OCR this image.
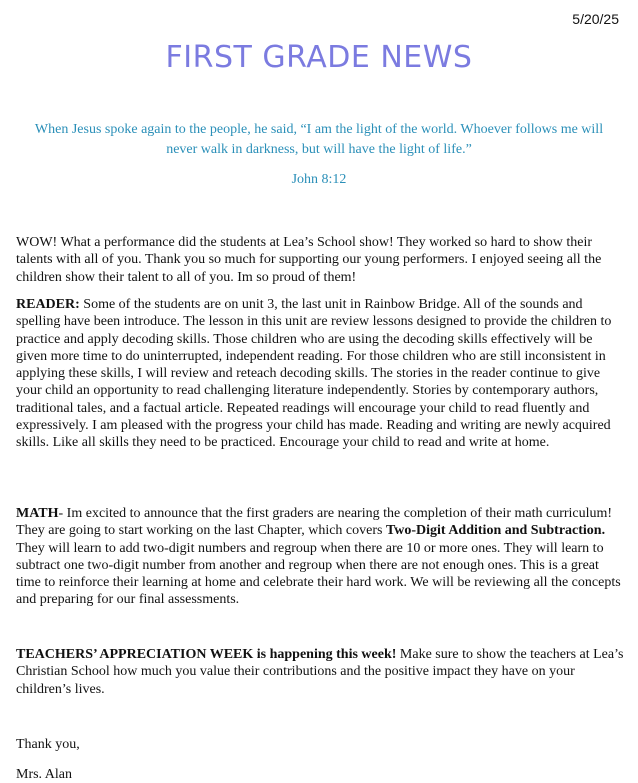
5/20/25
FIRST GRADE NEWS
When Jesus spoke again to the people, he said, “I am the light of the world. Whoever follows me will never walk in darkness, but will have the light of life.”
John 8:12

WOW! What a performance did the students at Lea’s School show! They worked so hard to show their talents with all of you. Thank you so much for supporting our young performers. I enjoyed seeing all the children show their talent to all of you. Im so proud of them!

READER: Some of the students are on unit 3, the last unit in Rainbow Bridge. All of the sounds and spelling have been introduce. The lesson in this unit are review lessons designed to provide the children to practice and apply decoding skills. Those children who are using the decoding skills effectively will be given more time to do uninterrupted, independent reading. For those children who are still inconsistent in applying these skills, I will review and reteach decoding skills. The stories in the reader continue to give your child an opportunity to read challenging literature independently. Stories by contemporary authors, traditional tales, and a factual article. Repeated readings will encourage your child to read fluently and expressively. I am pleased with the progress your child has made. Reading and writing are newly acquired skills. Like all skills they need to be practiced. Encourage your child to read and write at home.

MATH- Im excited to announce that the first graders are nearing the completion of their math curriculum! They are going to start working on the last Chapter, which covers Two-Digit Addition and Subtraction. They will learn to add two-digit numbers and regroup when there are 10 or more ones. They will learn to subtract one two-digit number from another and regroup when there are not enough ones. This is a great time to reinforce their learning at home and celebrate their hard work. We will be reviewing all the concepts and preparing for our final assessments.

TEACHERS’ APPRECIATION WEEK is happening this week! Make sure to show the teachers at Lea’s Christian School how much you value their contributions and the positive impact they have on your children’s lives.

Thank you,

Mrs. Alan
